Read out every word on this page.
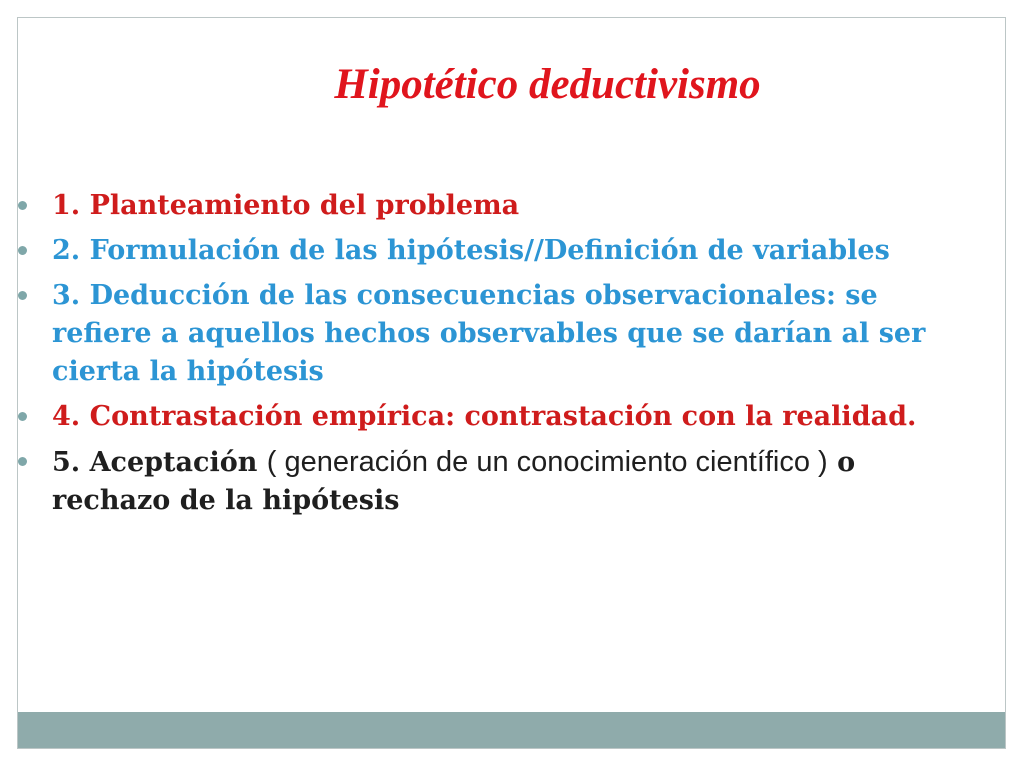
Hipotético deductivismo
1. Planteamiento del problema
2. Formulación de las hipótesis//Definición de variables
3. Deducción de las consecuencias observacionales: se refiere a aquellos hechos observables que se darían al ser cierta la hipótesis
4. Contrastación empírica: contrastación con la realidad.
5. Aceptación ( generación de un conocimiento científico ) o rechazo de la hipótesis
